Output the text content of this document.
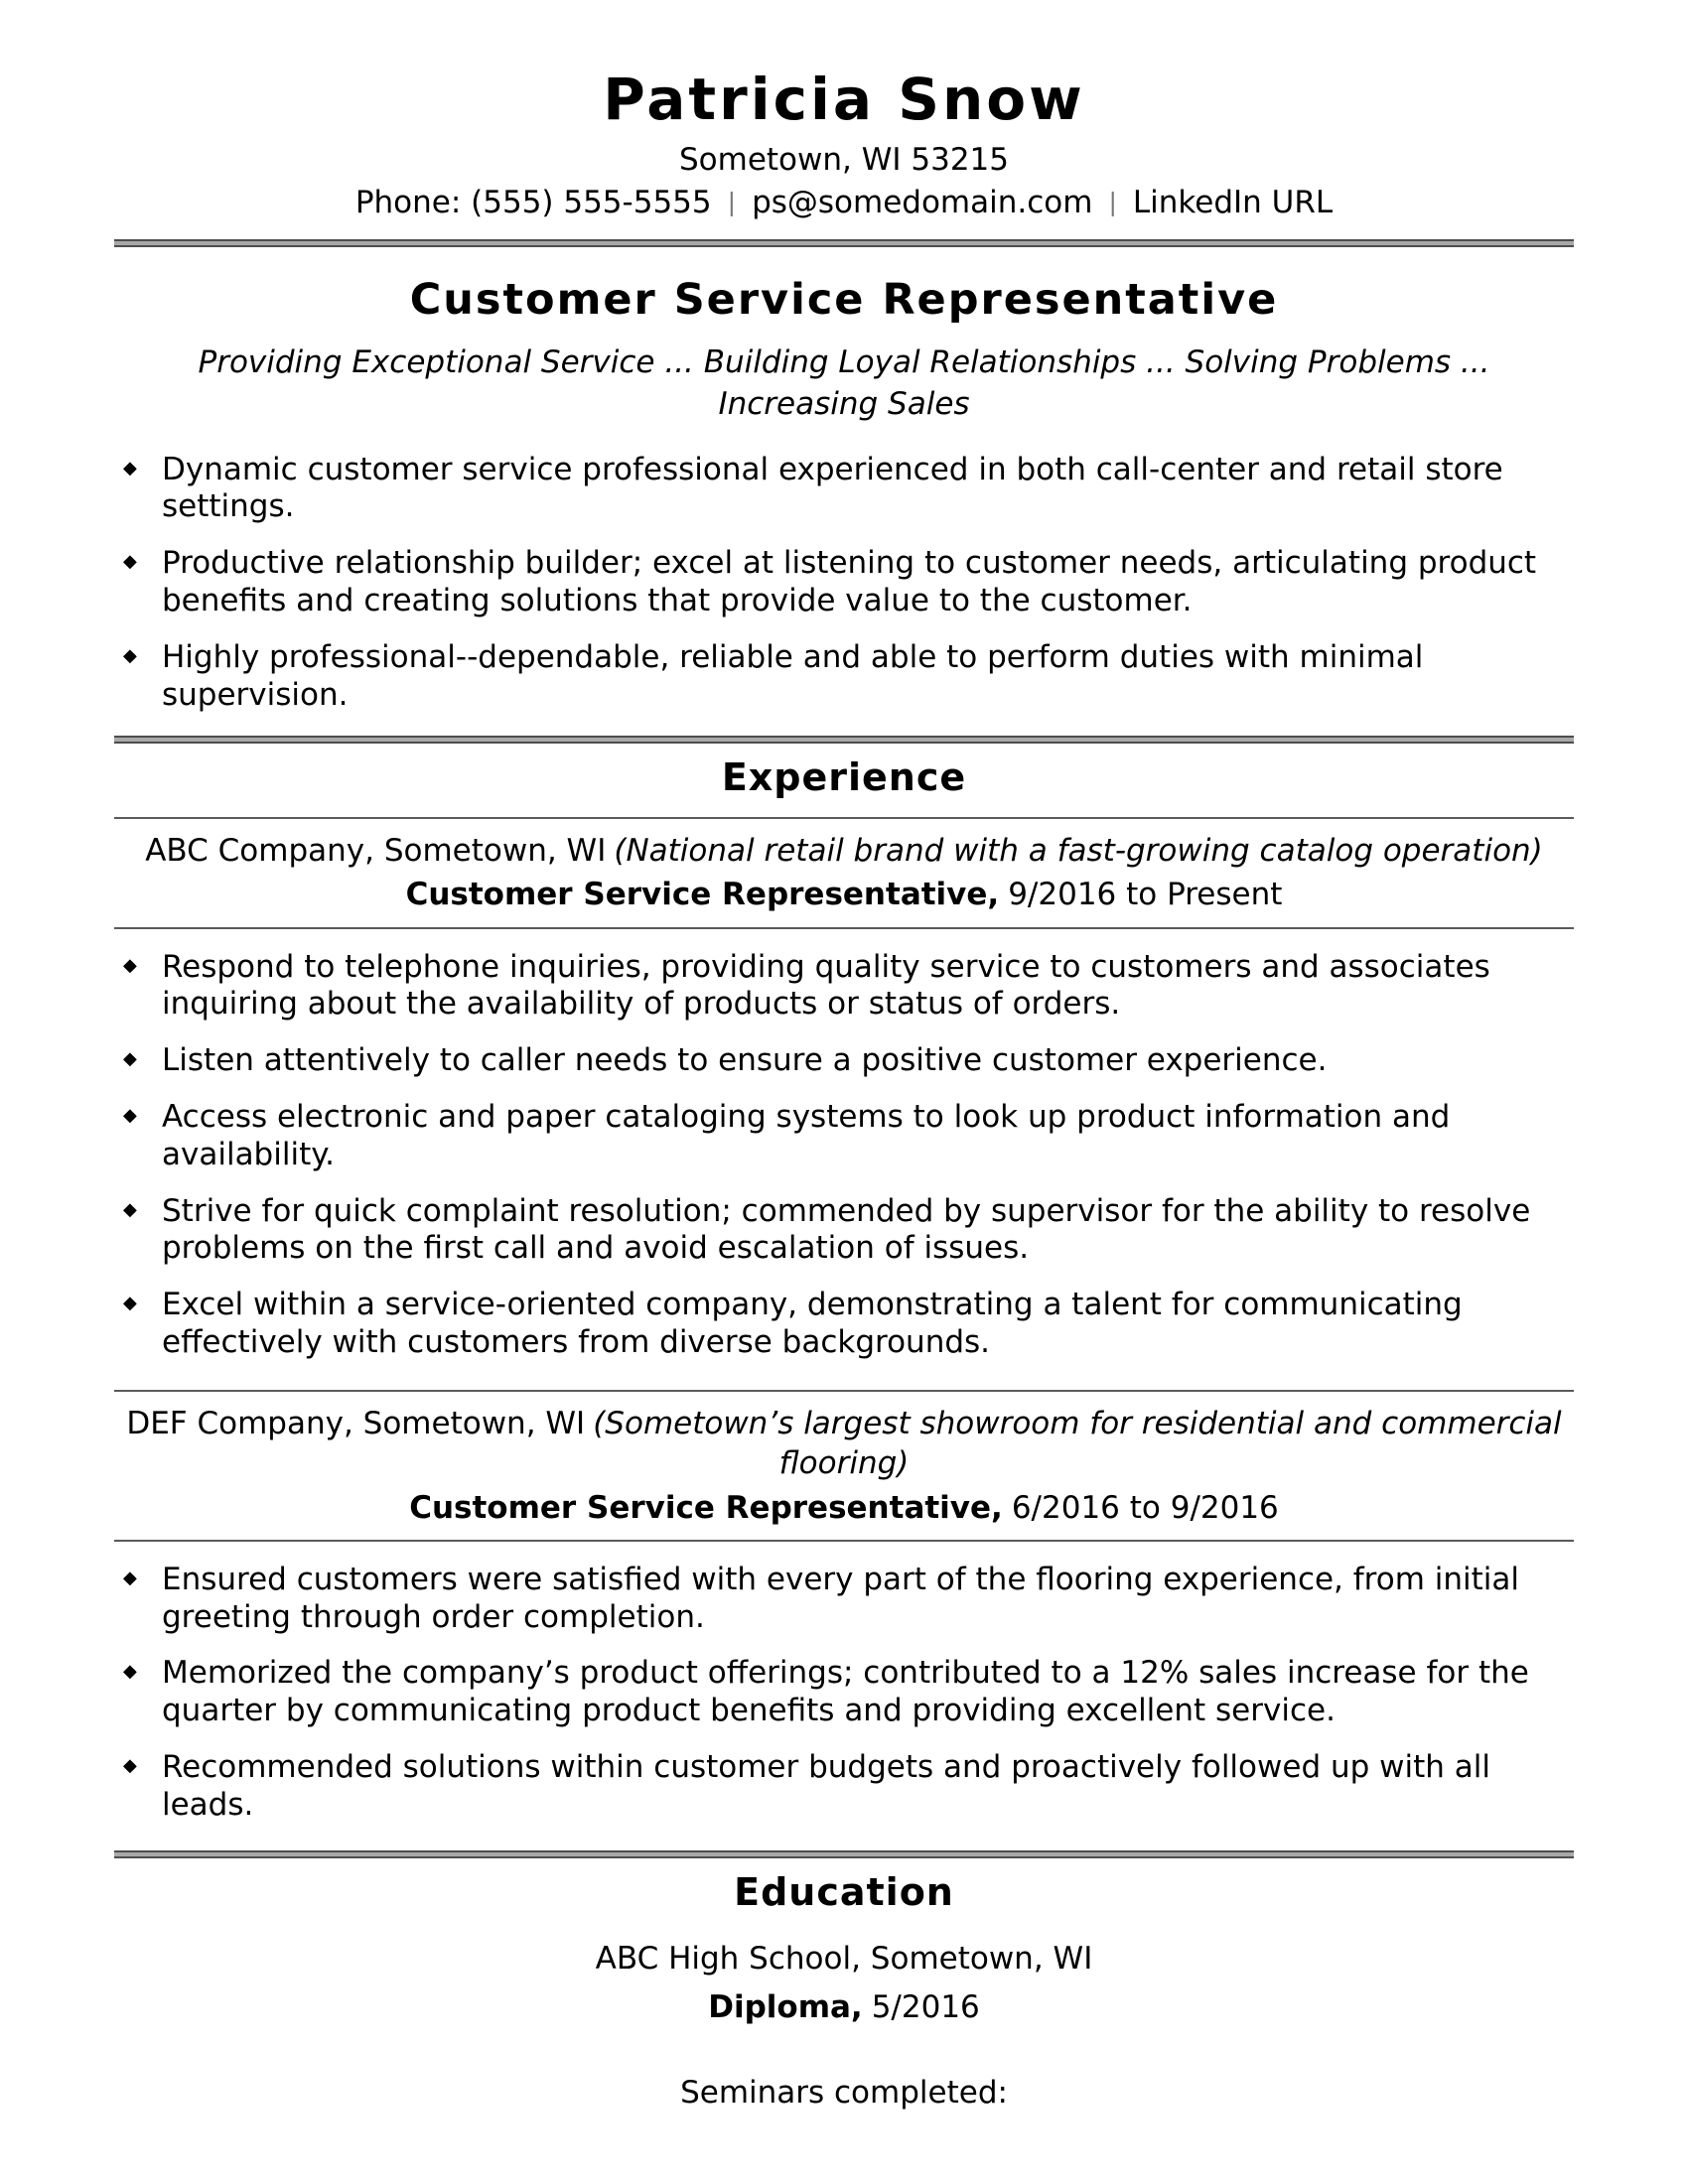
Patricia Snow
Sometown, WI 53215
Phone: (555) 555-5555 | ps@somedomain.com | LinkedIn URL
Customer Service Representative
Providing Exceptional Service ... Building Loyal Relationships ... Solving Problems ... Increasing Sales
◆ Dynamic customer service professional experienced in both call-center and retail store settings.
◆ Productive relationship builder; excel at listening to customer needs, articulating product benefits and creating solutions that provide value to the customer.
◆ Highly professional--dependable, reliable and able to perform duties with minimal supervision.
Experience
ABC Company, Sometown, WI (National retail brand with a fast-growing catalog operation)
Customer Service Representative, 9/2016 to Present
◆ Respond to telephone inquiries, providing quality service to customers and associates inquiring about the availability of products or status of orders.
◆ Listen attentively to caller needs to ensure a positive customer experience.
◆ Access electronic and paper cataloging systems to look up product information and availability.
◆ Strive for quick complaint resolution; commended by supervisor for the ability to resolve problems on the first call and avoid escalation of issues.
◆ Excel within a service-oriented company, demonstrating a talent for communicating effectively with customers from diverse backgrounds.
DEF Company, Sometown, WI (Sometown’s largest showroom for residential and commercial flooring)
Customer Service Representative, 6/2016 to 9/2016
◆ Ensured customers were satisfied with every part of the flooring experience, from initial greeting through order completion.
◆ Memorized the company’s product offerings; contributed to a 12% sales increase for the quarter by communicating product benefits and providing excellent service.
◆ Recommended solutions within customer budgets and proactively followed up with all leads.
Education
ABC High School, Sometown, WI
Diploma, 5/2016
Seminars completed:
